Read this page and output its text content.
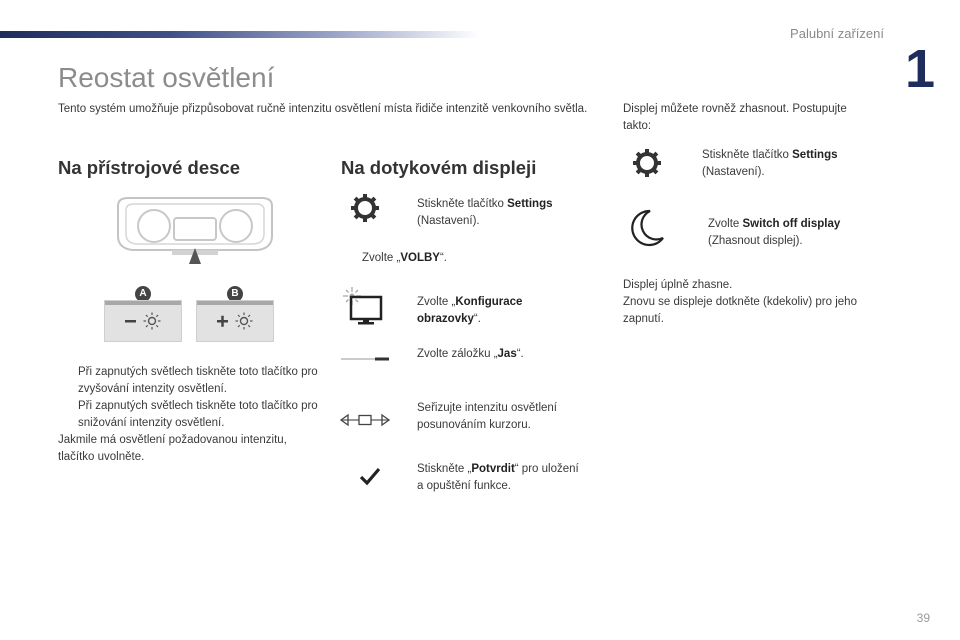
Palubní zařízení
1
Reostat osvětlení
Tento systém umožňuje přizpůsobovat ručně intenzitu osvětlení místa řidiče intenzitě venkovního světla.
Na přístrojové desce
A	B
Při zapnutých světlech tiskněte toto tlačítko pro zvyšování intenzity osvětlení.
Při zapnutých světlech tiskněte toto tlačítko pro snižování intenzity osvětlení.
Jakmile má osvětlení požadovanou intenzitu, tlačítko uvolněte.
Na dotykovém displeji
Stiskněte tlačítko Settings
(Nastavení).
Zvolte „VOLBY“.
Zvolte „Konfigurace
obrazovky“.
Zvolte záložku „Jas“.
Seřizujte intenzitu osvětlení
posunováním kurzoru.
Stiskněte „Potvrdit“ pro uložení
a opuštění funkce.
Displej můžete rovněž zhasnout. Postupujte
takto:
Stiskněte tlačítko Settings
(Nastavení).
Zvolte Switch off display
(Zhasnout displej).
Displej úplně zhasne.
Znovu se displeje dotkněte (kdekoliv) pro jeho
zapnutí.
39
